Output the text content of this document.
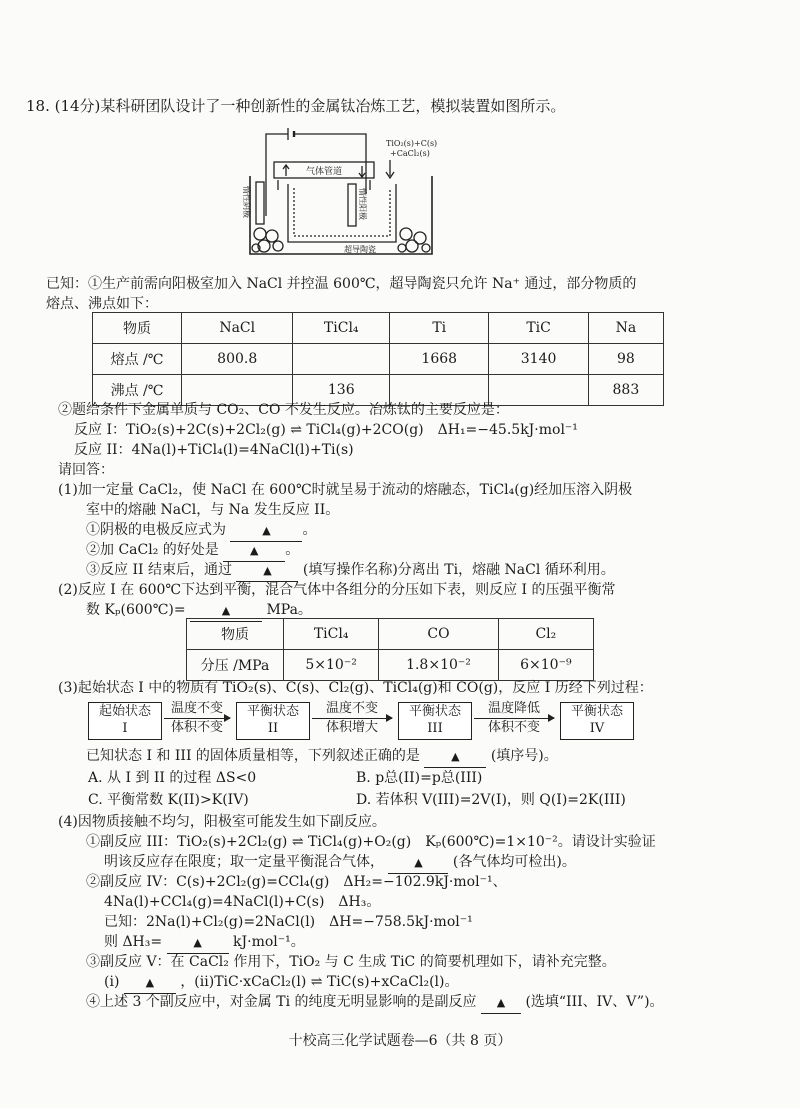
18. (14分)某科研团队设计了一种创新性的金属钛冶炼工艺，模拟装置如图所示。
气体管道
TiO₂(s)+C(s)
+CaCl₂(s)
超导陶瓷
惰性阴极	惰性阳极
已知：①生产前需向阳极室加入 NaCl 并控温 600℃，超导陶瓷只允许 Na⁺ 通过，部分物质的
熔点、沸点如下：
物质	NaCl	TiCl₄	Ti	TiC	Na
熔点 /℃	800.8		1668	3140	98
沸点 /℃		136			883
②题给条件下金属单质与 CO₂、CO 不发生反应。冶炼钛的主要反应是：
反应 I：TiO₂(s)+2C(s)+2Cl₂(g) ⇌ TiCl₄(g)+2CO(g)　ΔH₁=−45.5kJ·mol⁻¹
反应 II：4Na(l)+TiCl₄(l)=4NaCl(l)+Ti(s)
请回答：
(1)加一定量 CaCl₂，使 NaCl 在 600℃时就呈易于流动的熔融态，TiCl₄(g)经加压溶入阴极
室中的熔融 NaCl，与 Na 发生反应 II。
①阴极的电极反应式为	▲ 。
②加 CaCl₂ 的好处是	▲ 。
③反应 II 结束后，通过	▲ (填写操作名称)分离出 Ti，熔融 NaCl 循环利用。
(2)反应 I 在 600℃下达到平衡，混合气体中各组分的分压如下表，则反应 I 的压强平衡常
数 Kₚ(600℃)=	▲	MPa。
物质	TiCl₄	CO	Cl₂
分压 /MPa	5×10⁻²	1.8×10⁻²	6×10⁻⁹
(3)起始状态 I 中的物质有 TiO₂(s)、C(s)、Cl₂(g)、TiCl₄(g)和 CO(g)，反应 I 历经下列过程：
起始状态
I
温度不变
体积不变
平衡状态
II
温度不变
体积增大
平衡状态
III
温度降低
体积不变
平衡状态
IV
已知状态 I 和 III 的固体质量相等，下列叙述正确的是	▲ (填序号)。
A. 从 I 到 II 的过程 ΔS<0	B. p总(II)=p总(III)
C. 平衡常数 K(II)>K(IV)	D. 若体积 V(III)=2V(I)，则 Q(I)=2K(III)
(4)因物质接触不均匀，阳极室可能发生如下副反应。
①副反应 III：TiO₂(s)+2Cl₂(g) ⇌ TiCl₄(g)+O₂(g)　Kₚ(600℃)=1×10⁻²。请设计实验证
明该反应存在限度；取一定量平衡混合气体，	▲ (各气体均可检出)。
②副反应 IV：C(s)+2Cl₂(g)=CCl₄(g)　ΔH₂=−102.9kJ·mol⁻¹、
4Na(l)+CCl₄(g)=4NaCl(l)+C(s)　ΔH₃。
已知：2Na(l)+Cl₂(g)=2NaCl(l)　ΔH=−758.5kJ·mol⁻¹
则 ΔH₃=	▲ kJ·mol⁻¹。
③副反应 V：在 CaCl₂ 作用下，TiO₂ 与 C 生成 TiC 的简要机理如下，请补充完整。
(i) ▲ ，(ii)TiC·xCaCl₂(l) ⇌ TiC(s)+xCaCl₂(l)。
④上述 3 个副反应中，对金属 Ti 的纯度无明显影响的是副反应 ▲ (选填“III、IV、V”)。
十校高三化学试题卷—6（共 8 页）
